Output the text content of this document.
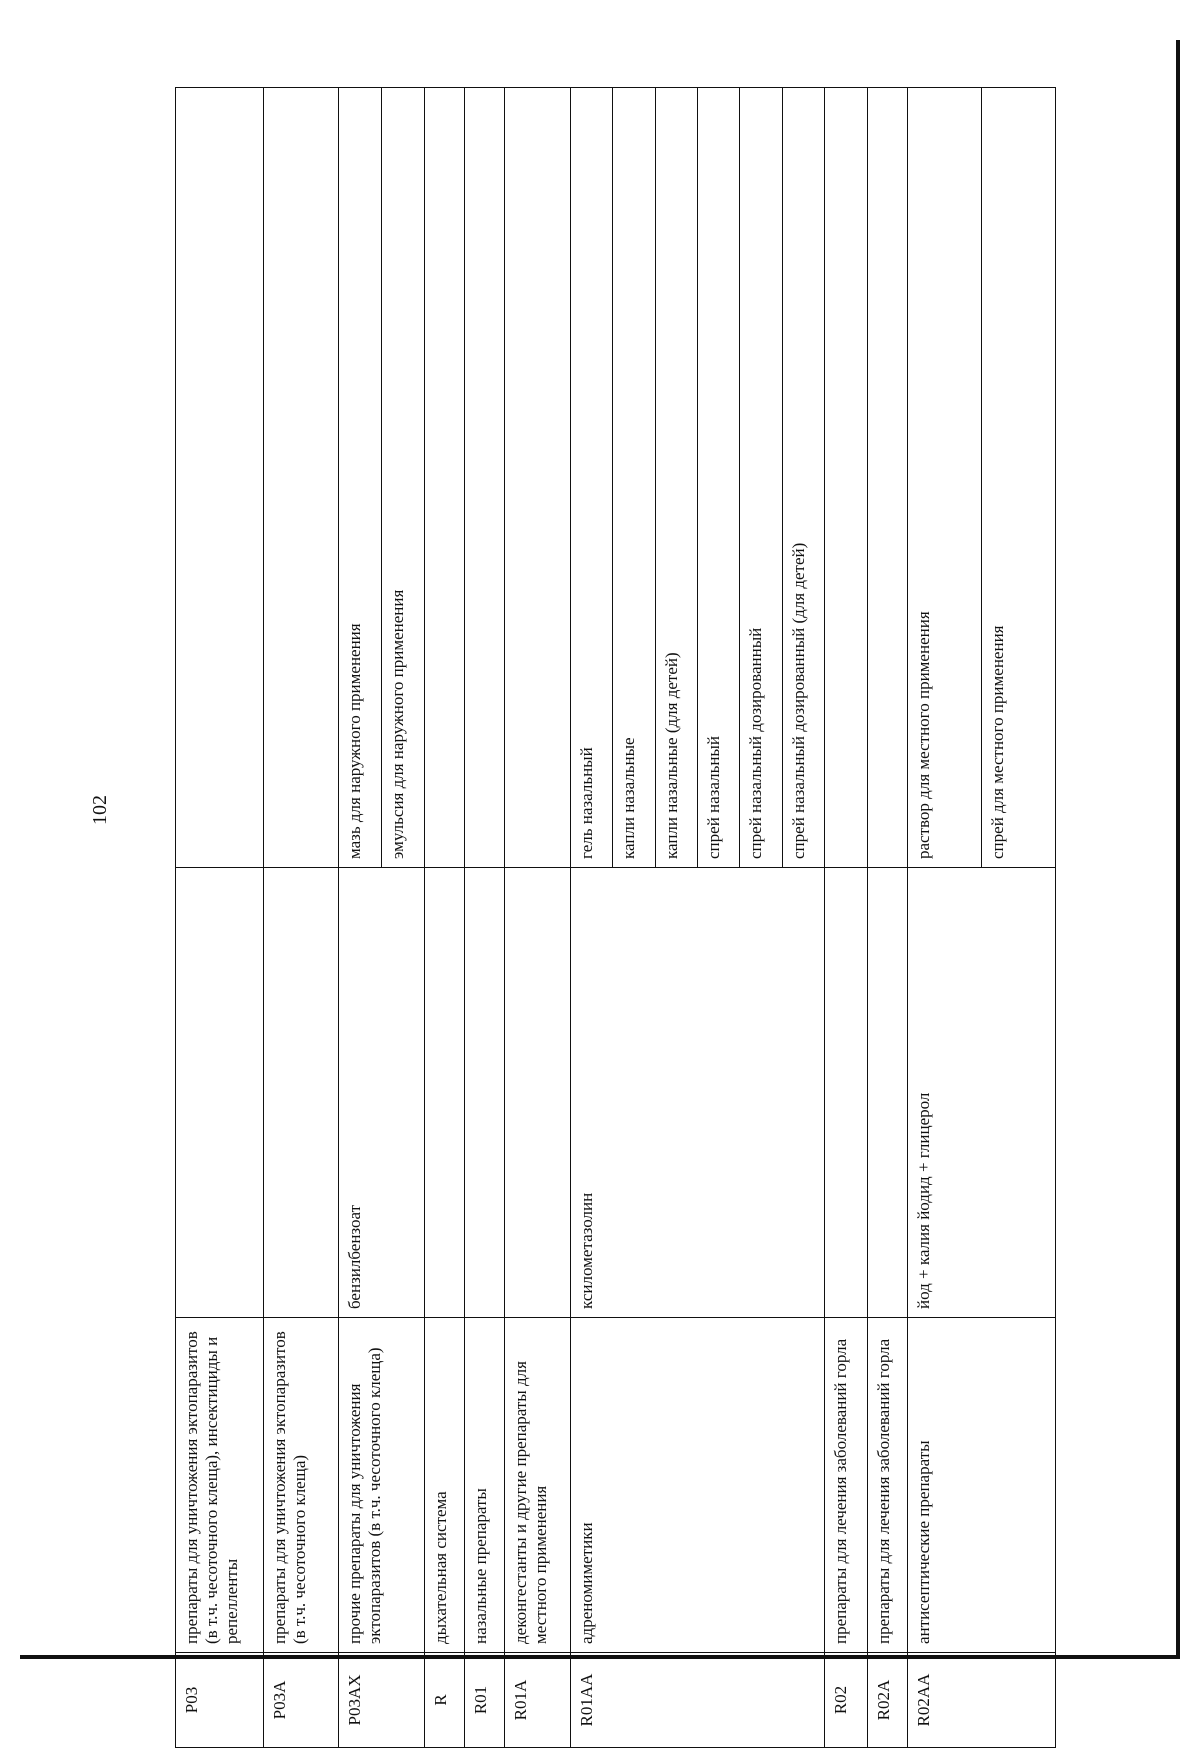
102
P03	препараты для уничтожения эктопаразитов (в т.ч. чесоточного клеща), инсектициды и репелленты		
P03A	препараты для уничтожения эктопаразитов (в т.ч. чесоточного клеща)		
P03AX	прочие препараты для уничтожения эктопаразитов (в т.ч. чесоточного клеща)	бензилбензоат	мазь для наружного применения
			эмульсия для наружного применения
R	дыхательная система		
R01	назальные препараты		
R01A	деконгестанты и другие препараты для местного применения		
R01AA	адреномиметики	ксилометазолин	гель назальный
			капли назальные
			капли назальные (для детей)
			спрей назальный
			спрей назальный дозированный
			спрей назальный дозированный (для детей)
R02	препараты для лечения заболеваний горла		
R02A	препараты для лечения заболеваний горла		
R02AA	антисептические препараты	йод + калия йодид + глицерол	раствор для местного применения
			спрей для местного применения
